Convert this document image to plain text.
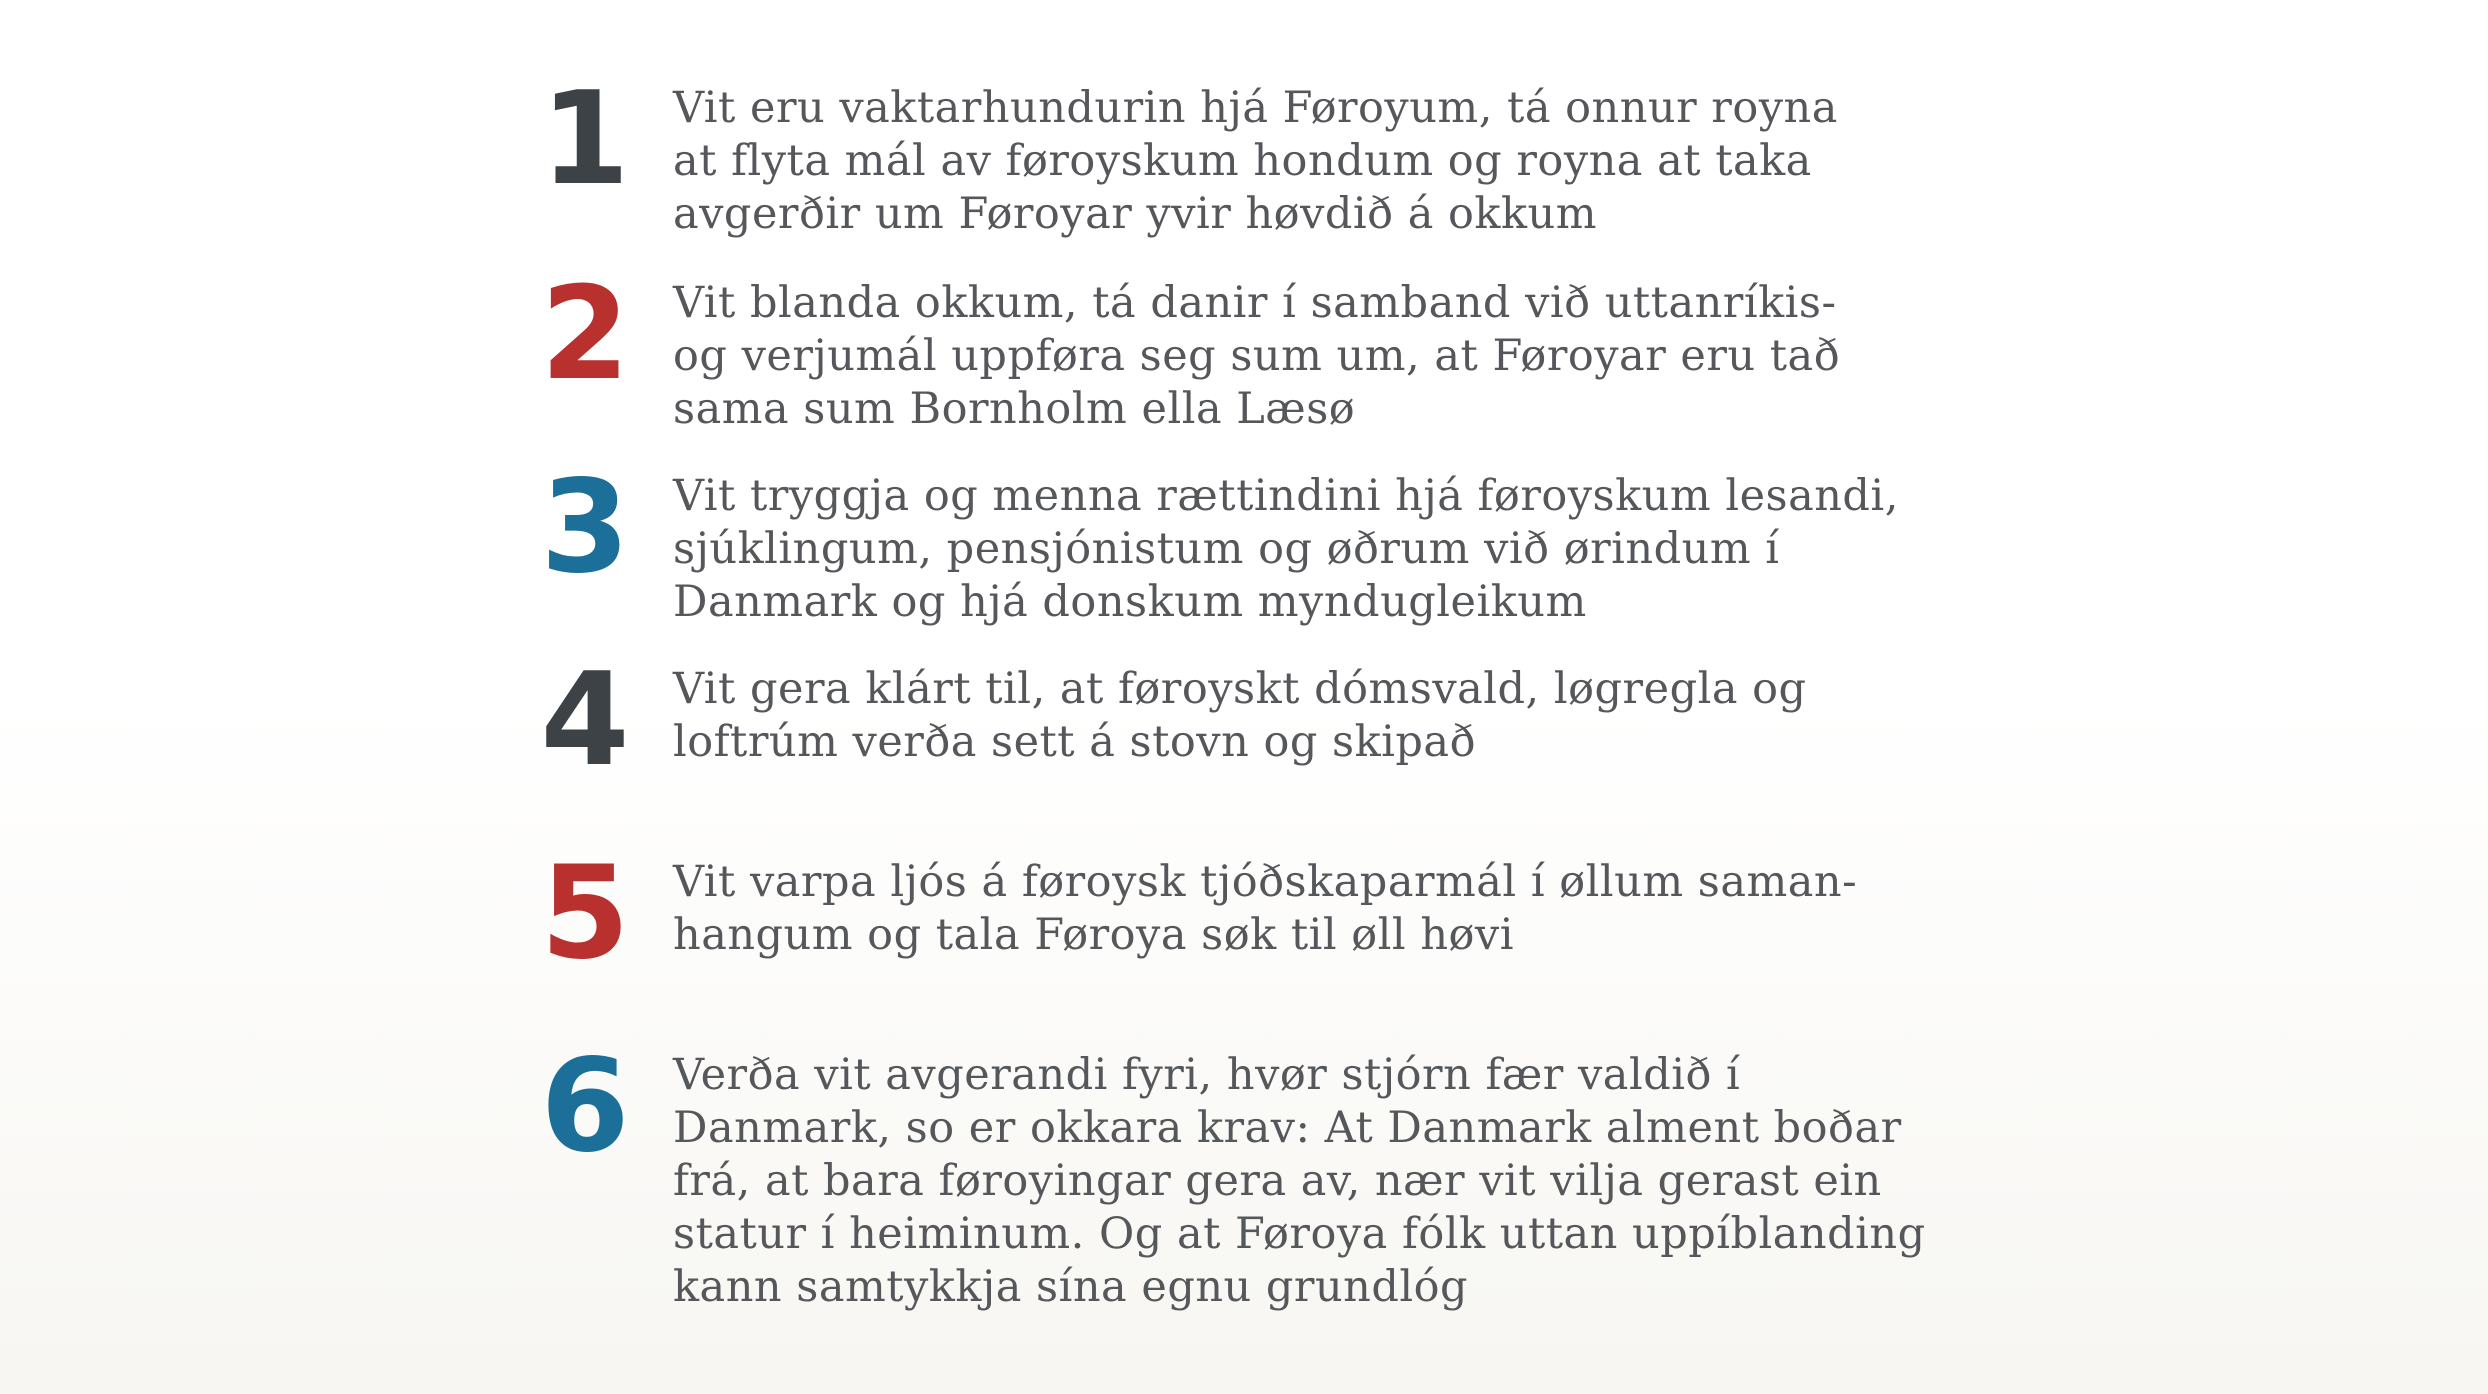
1 Vit eru vaktarhundurin hjá Føroyum, tá onnur royna
at flyta mál av føroyskum hondum og royna at taka
avgerðir um Føroyar yvir høvdið á okkum
2 Vit blanda okkum, tá danir í samband við uttanríkis-
og verjumál uppføra seg sum um, at Føroyar eru tað
sama sum Bornholm ella Læsø
3 Vit tryggja og menna rættindini hjá føroyskum lesandi,
sjúklingum, pensjónistum og øðrum við ørindum í
Danmark og hjá donskum myndugleikum
4 Vit gera klárt til, at føroyskt dómsvald, løgregla og
loftrúm verða sett á stovn og skipað
5 Vit varpa ljós á føroysk tjóðskaparmál í øllum saman-
hangum og tala Føroya søk til øll høvi
6 Verða vit avgerandi fyri, hvør stjórn fær valdið í
Danmark, so er okkara krav: At Danmark alment boðar
frá, at bara føroyingar gera av, nær vit vilja gerast ein
statur í heiminum. Og at Føroya fólk uttan uppíblanding
kann samtykkja sína egnu grundlóg
